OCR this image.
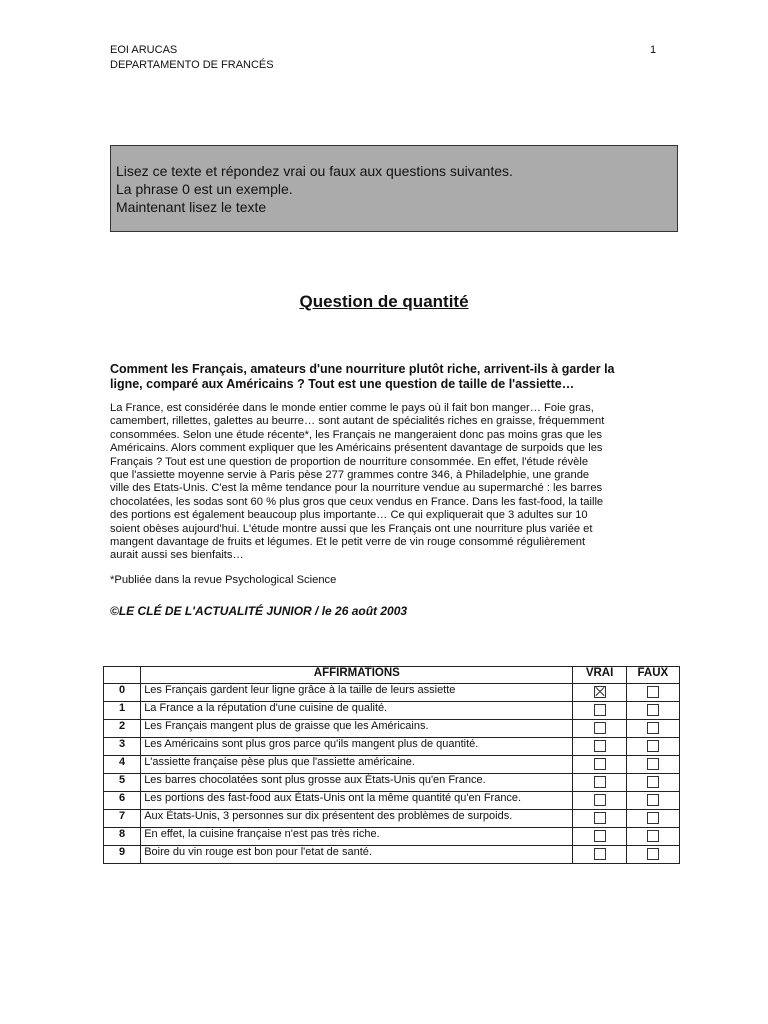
EOI ARUCAS
DEPARTAMENTO DE FRANCÉS
1
Lisez ce texte et répondez vrai ou faux aux questions suivantes.
La phrase 0 est un exemple.
Maintenant lisez le texte
Question de quantité
Comment les Français, amateurs d'une nourriture plutôt riche, arrivent-ils à garder la
ligne, comparé aux Américains ? Tout est une question de taille de l'assiette…
La France, est considérée dans le monde entier comme le pays où il fait bon manger… Foie gras,
camembert, rillettes, galettes au beurre… sont autant de spécialités riches en graisse, fréquemment
consommées. Selon une étude récente*, les Français ne mangeraient donc pas moins gras que les
Américains. Alors comment expliquer que les Américains présentent davantage de surpoids que les
Français ? Tout est une question de proportion de nourriture consommée. En effet, l'étude révèle
que l'assiette moyenne servie à Paris pèse 277 grammes contre 346, à Philadelphie, une grande
ville des Etats-Unis. C'est la même tendance pour la nourriture vendue au supermarché : les barres
chocolatées, les sodas sont 60 % plus gros que ceux vendus en France. Dans les fast-food, la taille
des portions est également beaucoup plus importante… Ce qui expliquerait que 3 adultes sur 10
soient obèses aujourd'hui. L'étude montre aussi que les Français ont une nourriture plus variée et
mangent davantage de fruits et légumes. Et le petit verre de vin rouge consommé régulièrement
aurait aussi ses bienfaits…
*Publiée dans la revue Psychological Science
©LE CLÉ DE L'ACTUALITÉ JUNIOR / le 26 août 2003
	AFFIRMATIONS	VRAI	FAUX
0	Les Français gardent leur ligne grâce à la taille de leurs assiette		
1	La France a la réputation d'une cuisine de qualité.		
2	Les Français mangent plus de graisse que les Américains.		
3	Les Américains sont plus gros parce qu'ils mangent plus de quantité.		
4	L'assiette française pèse plus que l'assiette américaine.		
5	Les barres chocolatées sont plus grosse aux Ètats-Unis qu'en France.		
6	Les portions des fast-food aux Ètats-Unis ont la même quantité qu'en France.		
7	Aux Ètats-Unis, 3 personnes sur dix présentent des problèmes de surpoids.		
8	En effet, la cuisine française n'est pas très riche.		
9	Boire du vin rouge est bon pour l'etat de santé.		
